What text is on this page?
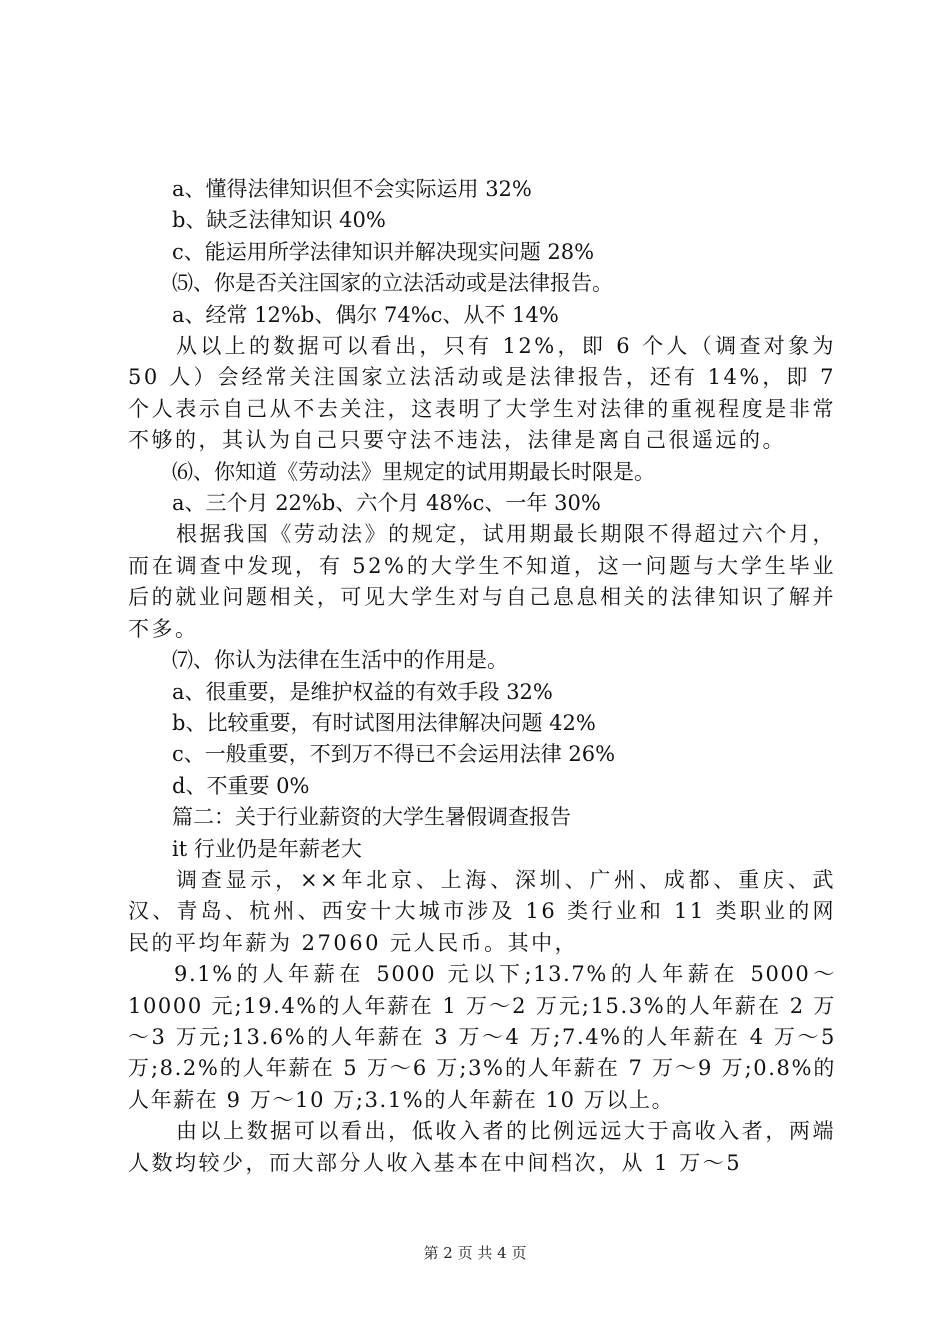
a、懂得法律知识但不会实际运用 32%

b、缺乏法律知识 40%

c、能运用所学法律知识并解决现实问题 28%

⑸、你是否关注国家的立法活动或是法律报告。

a、经常 12%b、偶尔 74%c、从不 14%

从以上的数据可以看出，只有 12%，即 6 个人（调查对象为 50 人）会经常关注国家立法活动或是法律报告，还有 14%，即 7 个人表示自己从不去关注，这表明了大学生对法律的重视程度是非常不够的，其认为自己只要守法不违法，法律是离自己很遥远的。

⑹、你知道《劳动法》里规定的试用期最长时限是。

a、三个月 22%b、六个月 48%c、一年 30%

根据我国《劳动法》的规定，试用期最长期限不得超过六个月，而在调查中发现，有 52%的大学生不知道，这一问题与大学生毕业后的就业问题相关，可见大学生对与自己息息相关的法律知识了解并不多。

⑺、你认为法律在生活中的作用是。

a、很重要，是维护权益的有效手段 32%

b、比较重要，有时试图用法律解决问题 42%

c、一般重要，不到万不得已不会运用法律 26%

d、不重要 0%

篇二：关于行业薪资的大学生暑假调查报告

it 行业仍是年薪老大

调查显示，××年北京、上海、深圳、广州、成都、重庆、武汉、青岛、杭州、西安十大城市涉及 16 类行业和 11 类职业的网民的平均年薪为 27060 元人民币。其中，

9.1%的人年薪在 5000 元以下;13.7%的人年薪在 5000～10000 元;19.4%的人年薪在 1 万～2 万元;15.3%的人年薪在 2 万～3 万元;13.6%的人年薪在 3 万～4 万;7.4%的人年薪在 4 万～5 万;8.2%的人年薪在 5 万～6 万;3%的人年薪在 7 万～9 万;0.8%的人年薪在 9 万～10 万;3.1%的人年薪在 10 万以上。

由以上数据可以看出，低收入者的比例远远大于高收入者，两端人数均较少，而大部分人收入基本在中间档次，从 1 万～5

第 2 页 共 4 页
